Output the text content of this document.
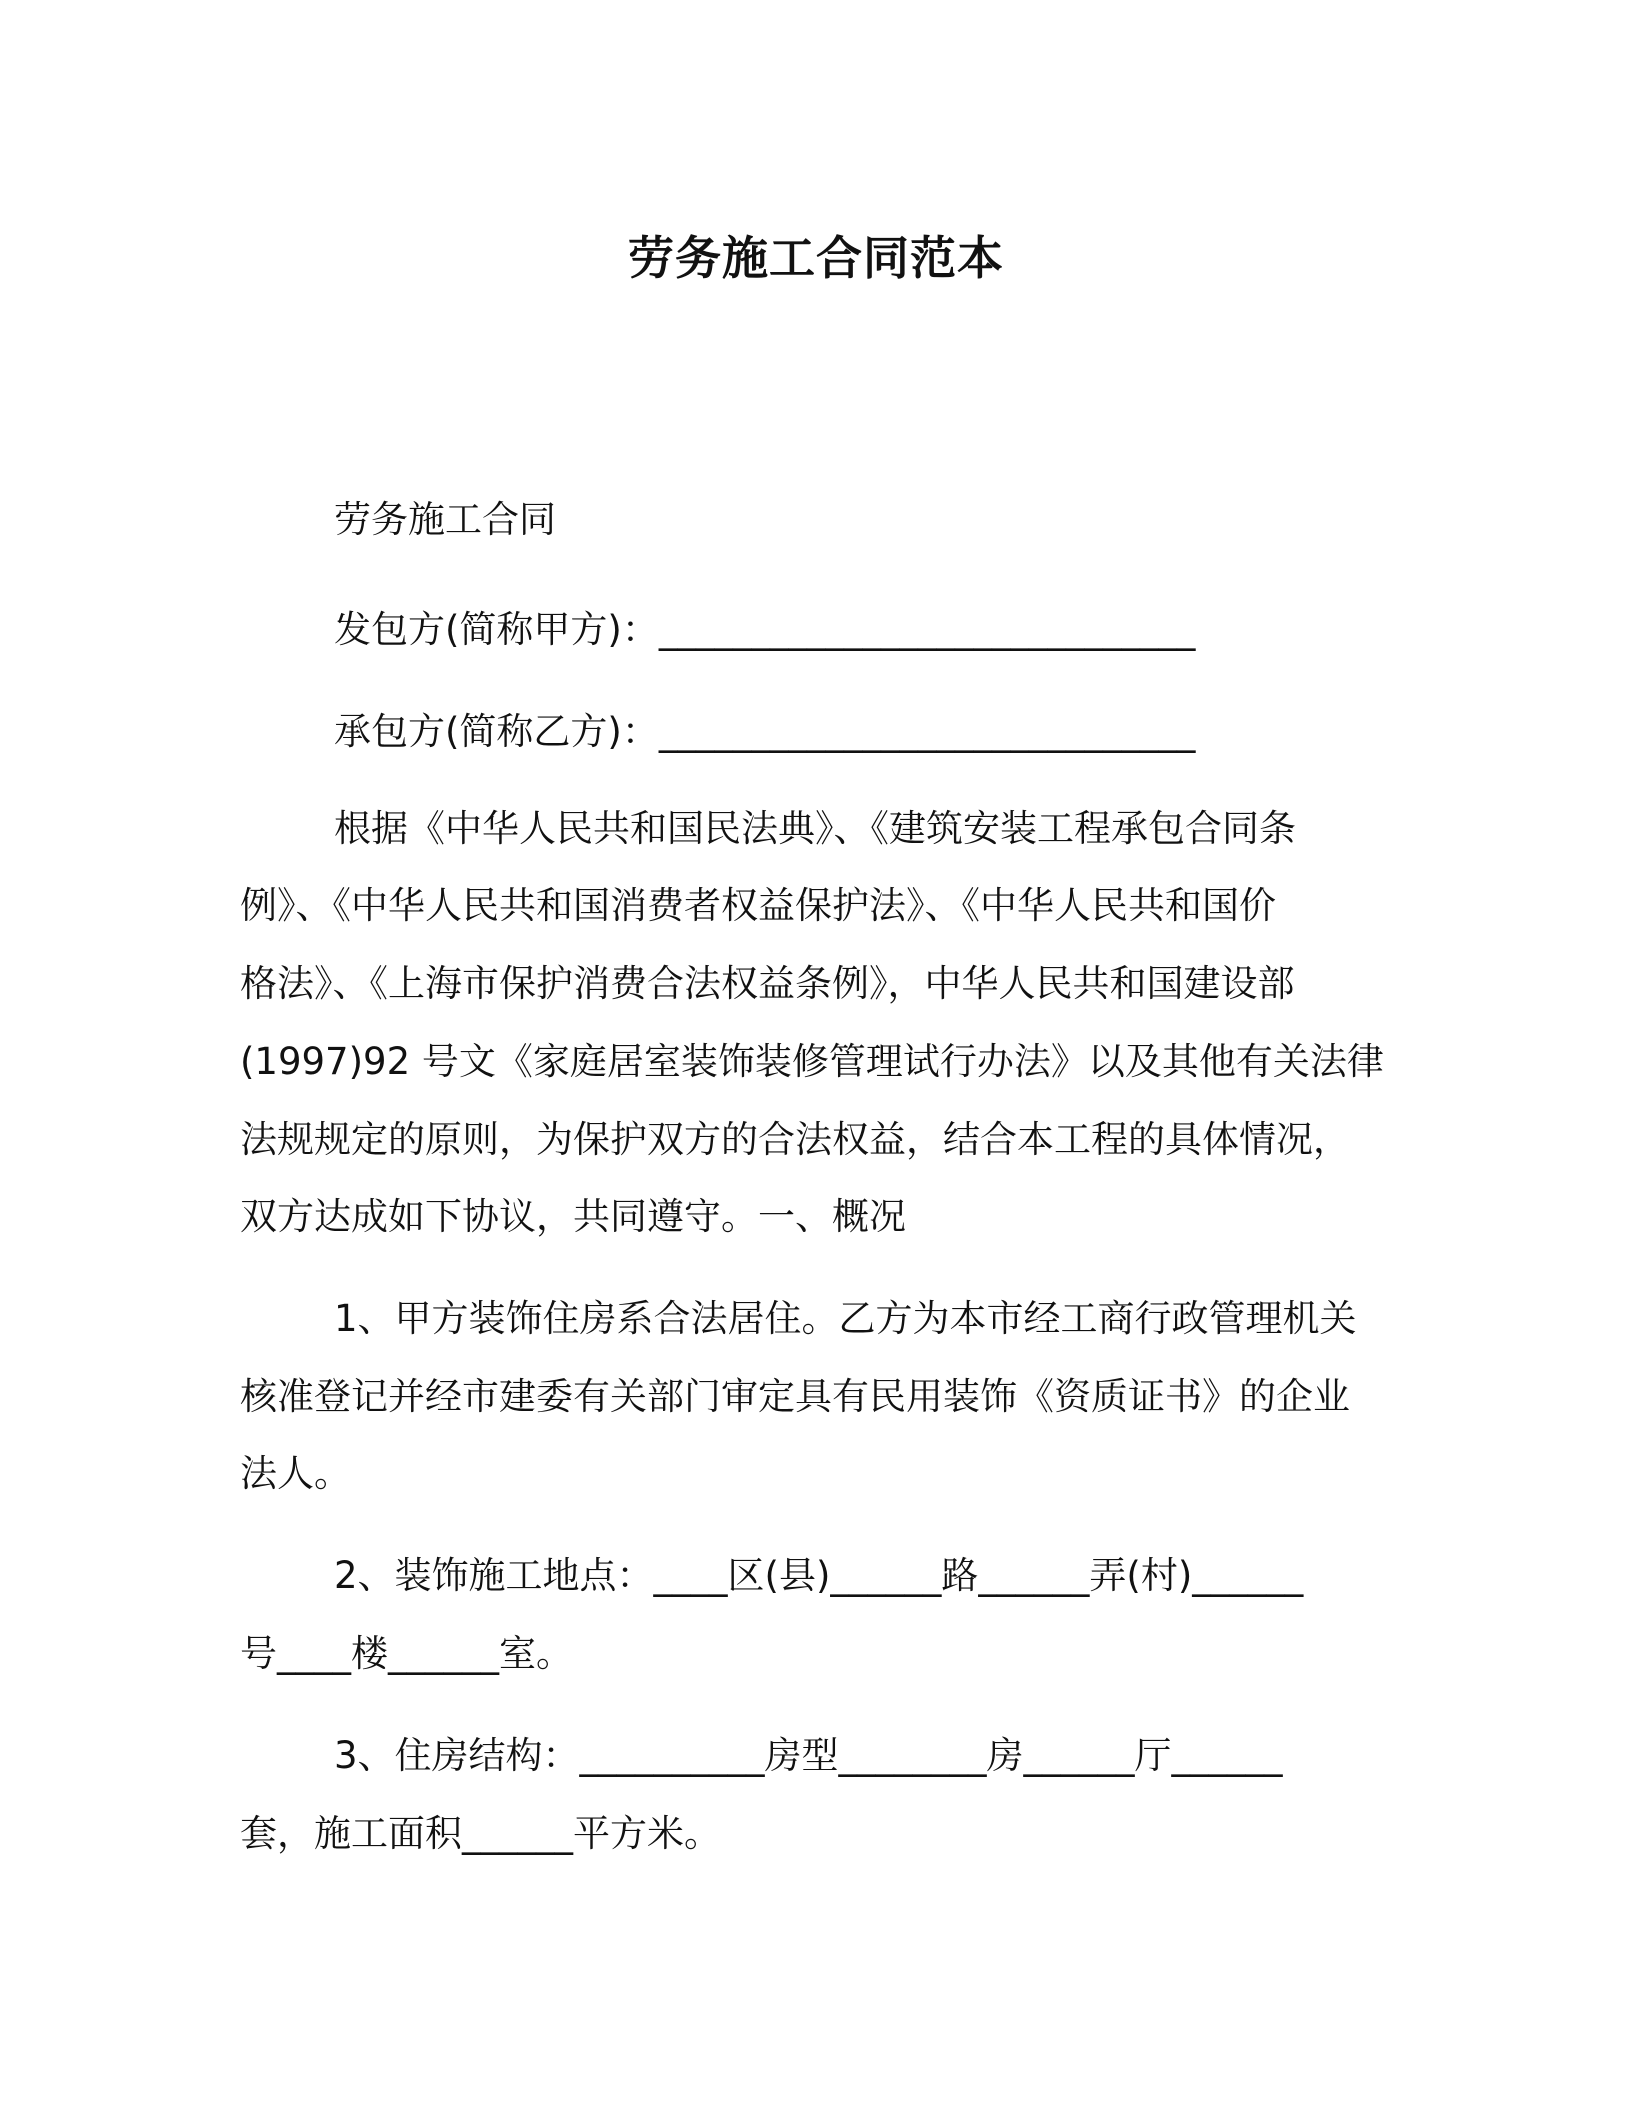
劳务施工合同范本
劳务施工合同
发包方(简称甲方)：_____________________________
承包方(简称乙方)：_____________________________
根据《中华人民共和国民法典》、《建筑安装工程承包合同条
例》、《中华人民共和国消费者权益保护法》、《中华人民共和国价
格法》、《上海市保护消费合法权益条例》，中华人民共和国建设部
(1997)92 号文《家庭居室装饰装修管理试行办法》以及其他有关法律
法规规定的原则，为保护双方的合法权益，结合本工程的具体情况，
双方达成如下协议，共同遵守。一、概况
1、甲方装饰住房系合法居住。乙方为本市经工商行政管理机关
核准登记并经市建委有关部门审定具有民用装饰《资质证书》的企业
法人。
2、装饰施工地点：____区(县)______路______弄(村)______
号____楼______室。
3、住房结构：__________房型________房______厅______
套，施工面积______平方米。
